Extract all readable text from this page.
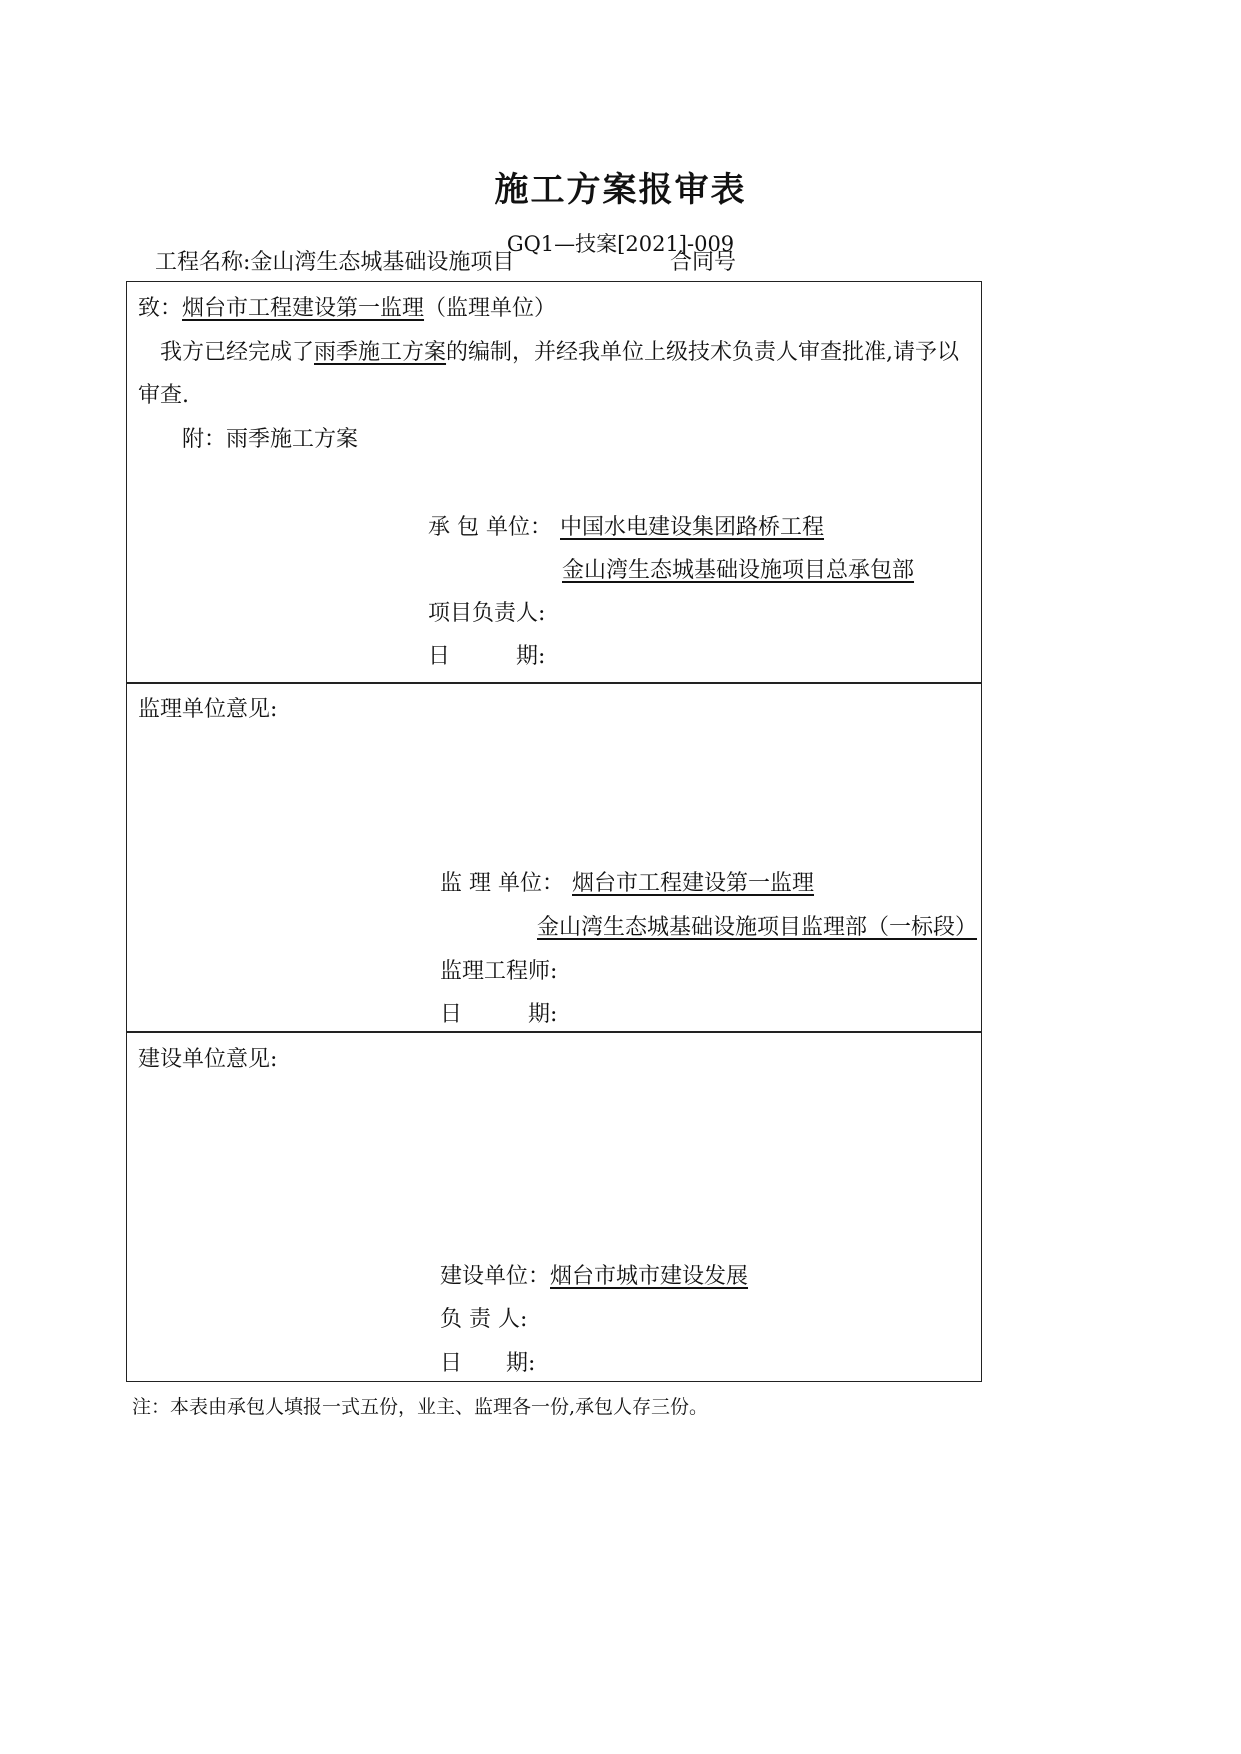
施工方案报审表
GQ1—技案[2021]-009
工程名称:金山湾生态城基础设施项目	合同号
致：烟台市工程建设第一监理（监理单位）
我方已经完成了雨季施工方案的编制，并经我单位上级技术负责人审查批准,请予以
审查.
附：雨季施工方案
承 包 单位： 中国水电建设集团路桥工程
金山湾生态城基础设施项目总承包部
项目负责人:
日　　　期:
监理单位意见:
监 理 单位： 烟台市工程建设第一监理
金山湾生态城基础设施项目监理部（一标段）
监理工程师:
日　　　期:
建设单位意见:
建设单位： 烟台市城市建设发展
负 责 人:
日　　期:
注：本表由承包人填报一式五份，业主、监理各一份,承包人存三份。
